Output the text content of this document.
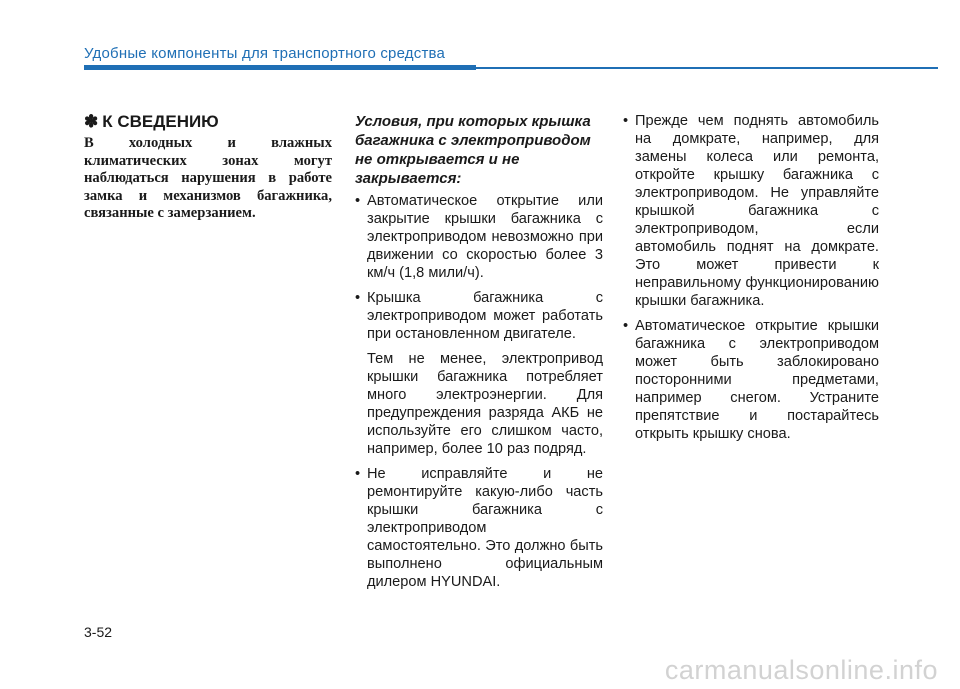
Удобные компоненты для транспортного средства
✽ К СВЕДЕНИЮ

В холодных и влажных климатических зонах могут наблюдаться нарушения в работе замка и механизмов багажника, связанные с замерзанием.

Условия, при которых крышка багажника с электроприводом не открывается и не закрывается:
• Автоматическое открытие или закрытие крышки багажника с электроприводом невозможно при движении со скоростью более 3 км/ч (1,8 мили/ч).
• Крышка багажника с электроприводом может работать при остановленном двигателе.
Тем не менее, электропривод крышки багажника потребляет много электроэнергии. Для предупреждения разряда АКБ не используйте его слишком часто, например, более 10 раз подряд.
• Не исправляйте и не ремонтируйте какую-либо часть крышки багажника с электроприводом самостоятельно. Это должно быть выполнено официальным дилером HYUNDAI.
• Прежде чем поднять автомобиль на домкрате, например, для замены колеса или ремонта, откройте крышку багажника с электроприводом. Не управляйте крышкой багажника с электроприводом, если автомобиль поднят на домкрате. Это может привести к неправильному функционированию крышки багажника.
• Автоматическое открытие крышки багажника с электроприводом может быть заблокировано посторонними предметами, например снегом. Устраните препятствие и постарайтесь открыть крышку снова.
3-52
carmanualsonline.info
